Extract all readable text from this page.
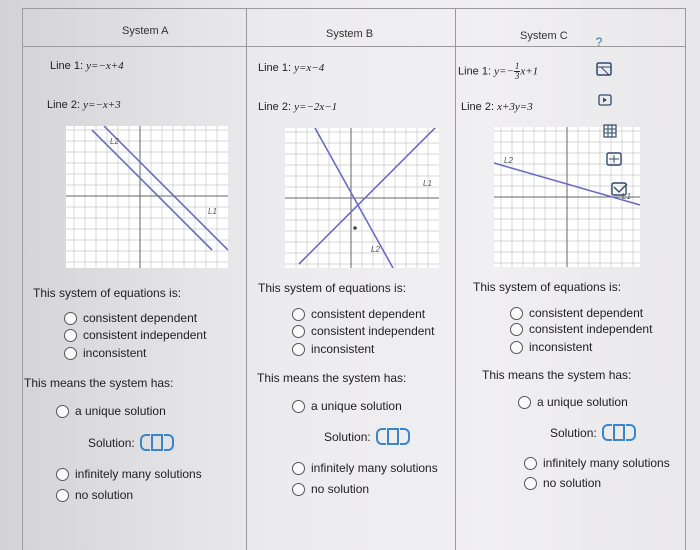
System A
Line 1: y=−x+4
Line 2: y=−x+3
L2
L1
This system of equations is:
consistent dependent
consistent independent
inconsistent
This means the system has:
a unique solution
Solution:
infinitely many solutions
no solution
System B
Line 1: y=x−4
Line 2: y=−2x−1
L1
L2
This system of equations is:
consistent dependent
consistent independent
inconsistent
This means the system has:
a unique solution
Solution:
infinitely many solutions
no solution
System C
Line 1: $y=- \frac{1}{3} x+1$
Line 2: x+3y=3
L2
L1
This system of equations is:
consistent dependent
consistent independent
inconsistent
This means the system has:
a unique solution
Solution:
infinitely many solutions
no solution
?
